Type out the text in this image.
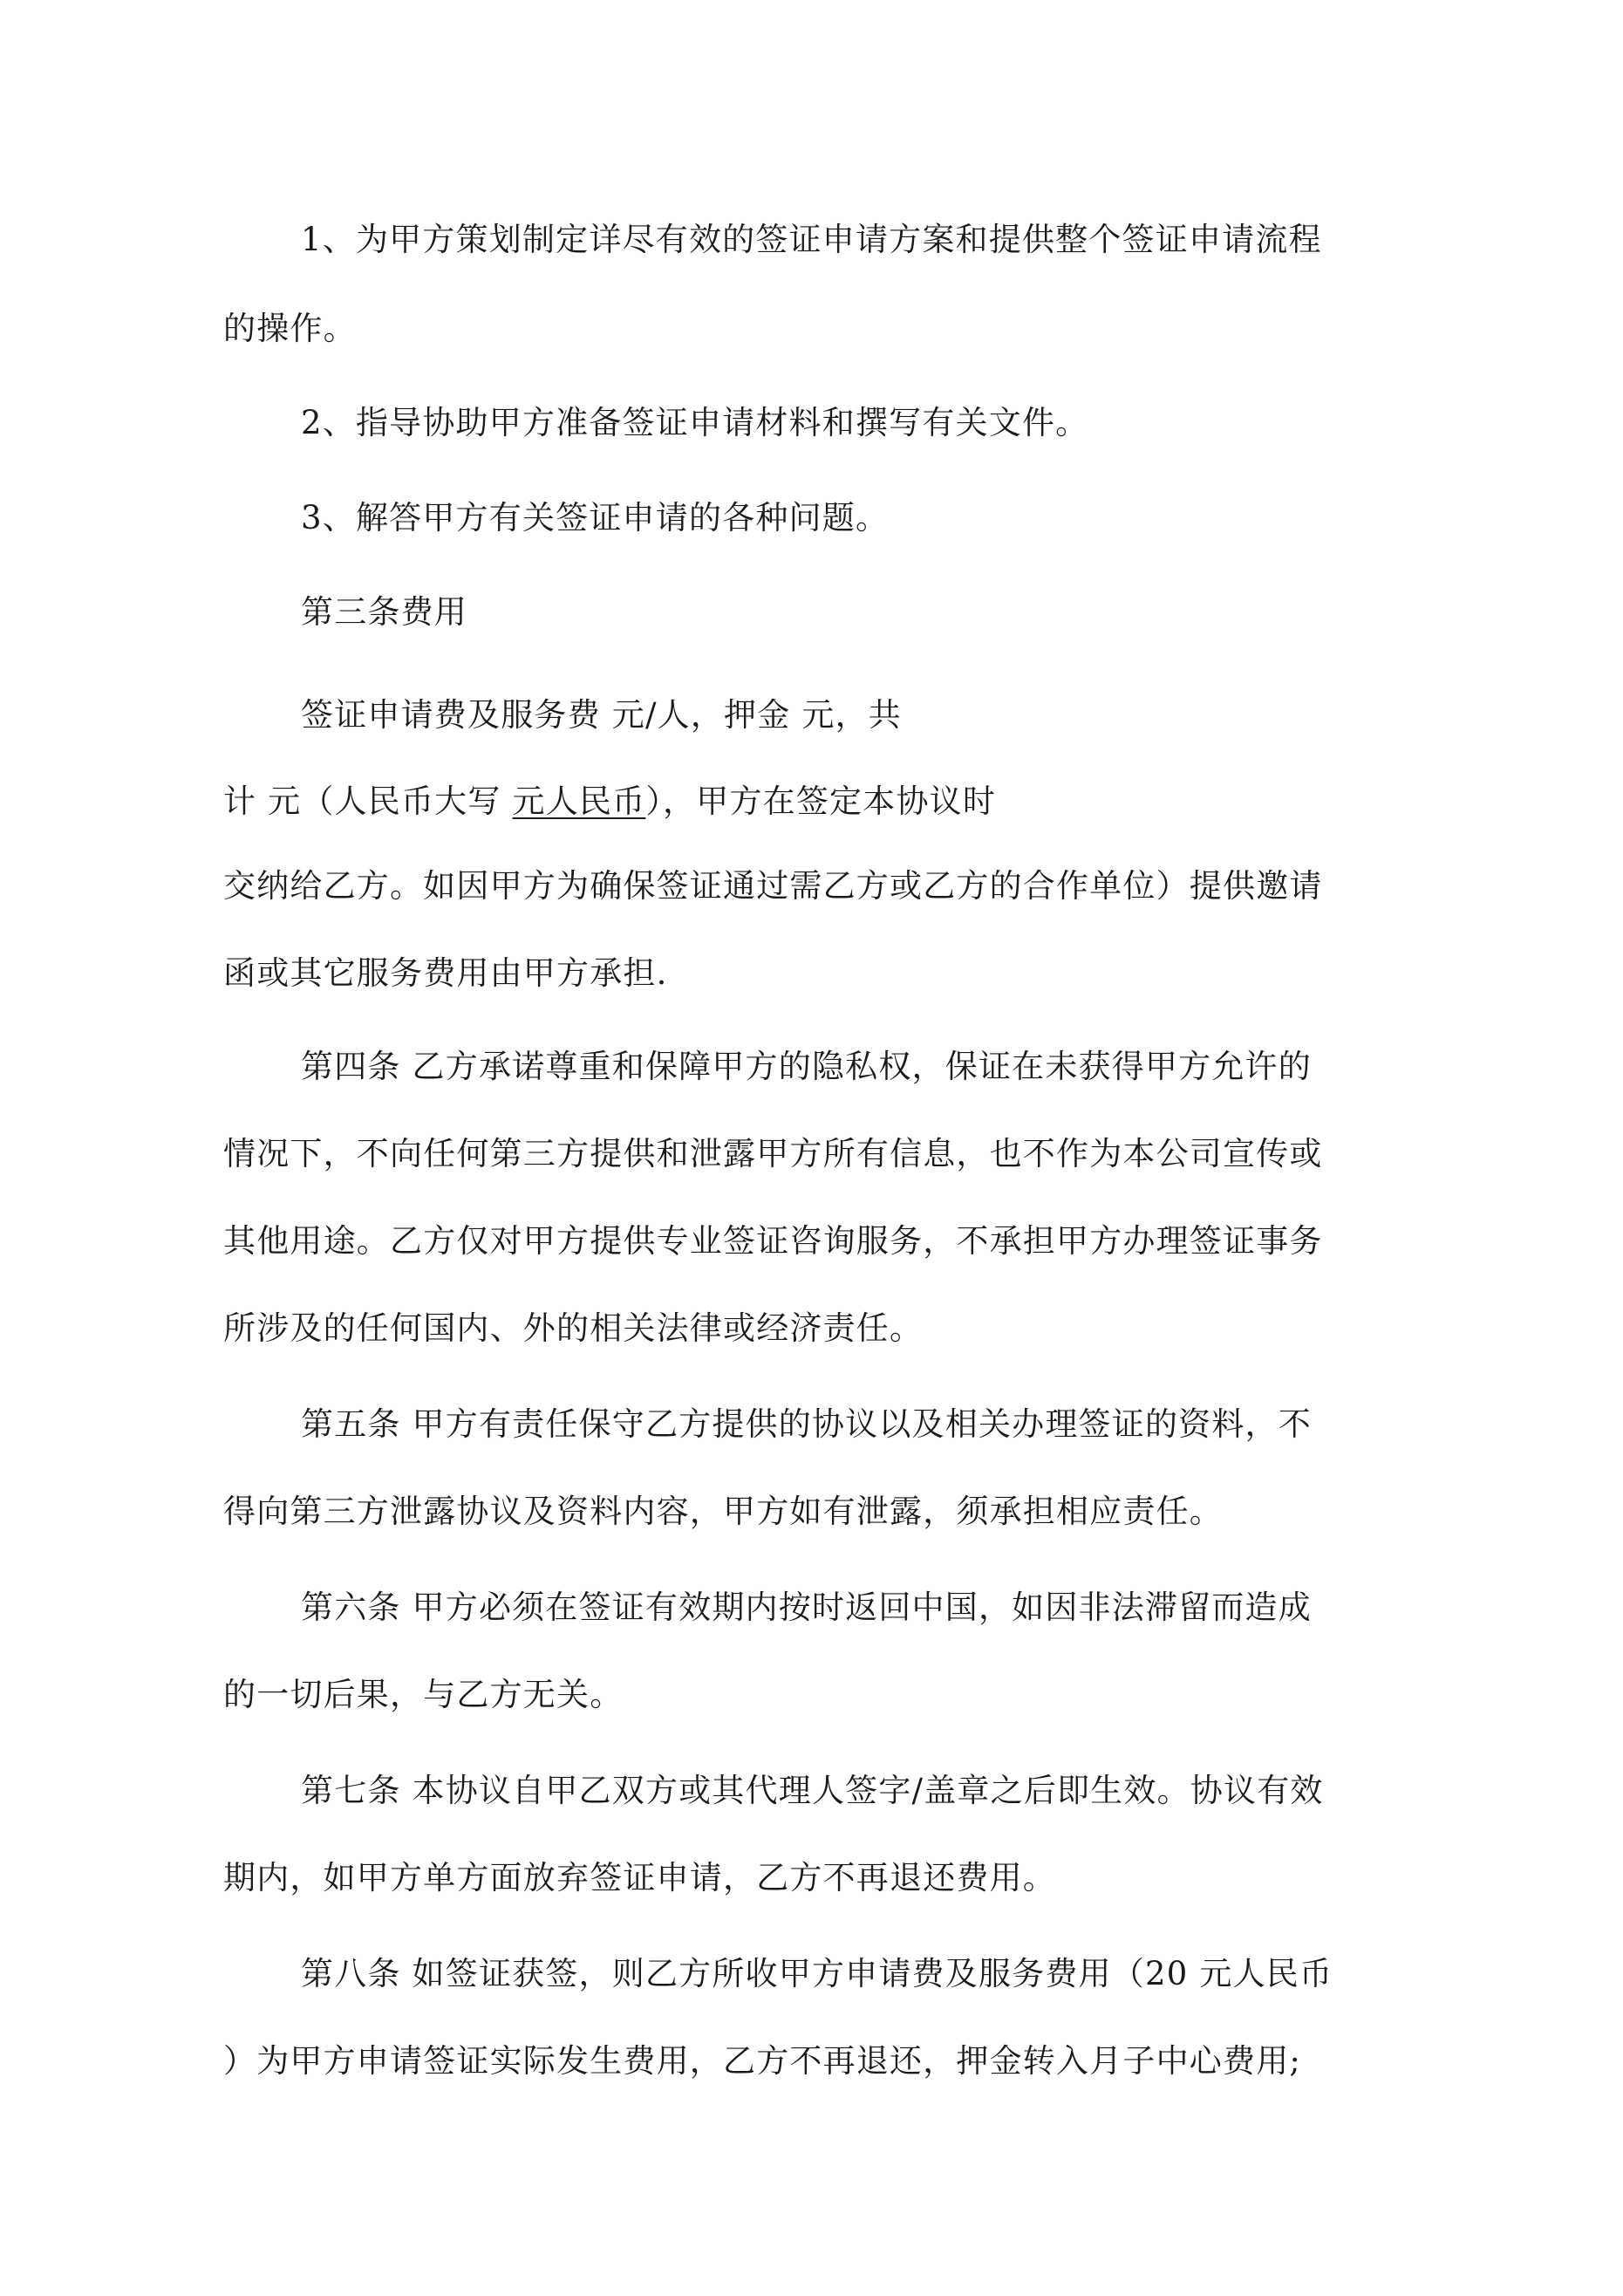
1、为甲方策划制定详尽有效的签证申请方案和提供整个签证申请流程

的操作。

2、指导协助甲方准备签证申请材料和撰写有关文件。

3、解答甲方有关签证申请的各种问题。

第三条费用

签证申请费及服务费 元/人，押金 元，共

计 元（人民币大写 元人民币），甲方在签定本协议时

交纳给乙方。如因甲方为确保签证通过需乙方或乙方的合作单位）提供邀请

函或其它服务费用由甲方承担.

第四条 乙方承诺尊重和保障甲方的隐私权，保证在未获得甲方允许的

情况下，不向任何第三方提供和泄露甲方所有信息，也不作为本公司宣传或

其他用途。乙方仅对甲方提供专业签证咨询服务，不承担甲方办理签证事务

所涉及的任何国内、外的相关法律或经济责任。

第五条 甲方有责任保守乙方提供的协议以及相关办理签证的资料，不

得向第三方泄露协议及资料内容，甲方如有泄露，须承担相应责任。

第六条 甲方必须在签证有效期内按时返回中国，如因非法滞留而造成

的一切后果，与乙方无关。

第七条 本协议自甲乙双方或其代理人签字/盖章之后即生效。协议有效

期内，如甲方单方面放弃签证申请，乙方不再退还费用。

第八条 如签证获签，则乙方所收甲方申请费及服务费用（20 元人民币

）为甲方申请签证实际发生费用，乙方不再退还，押金转入月子中心费用;
